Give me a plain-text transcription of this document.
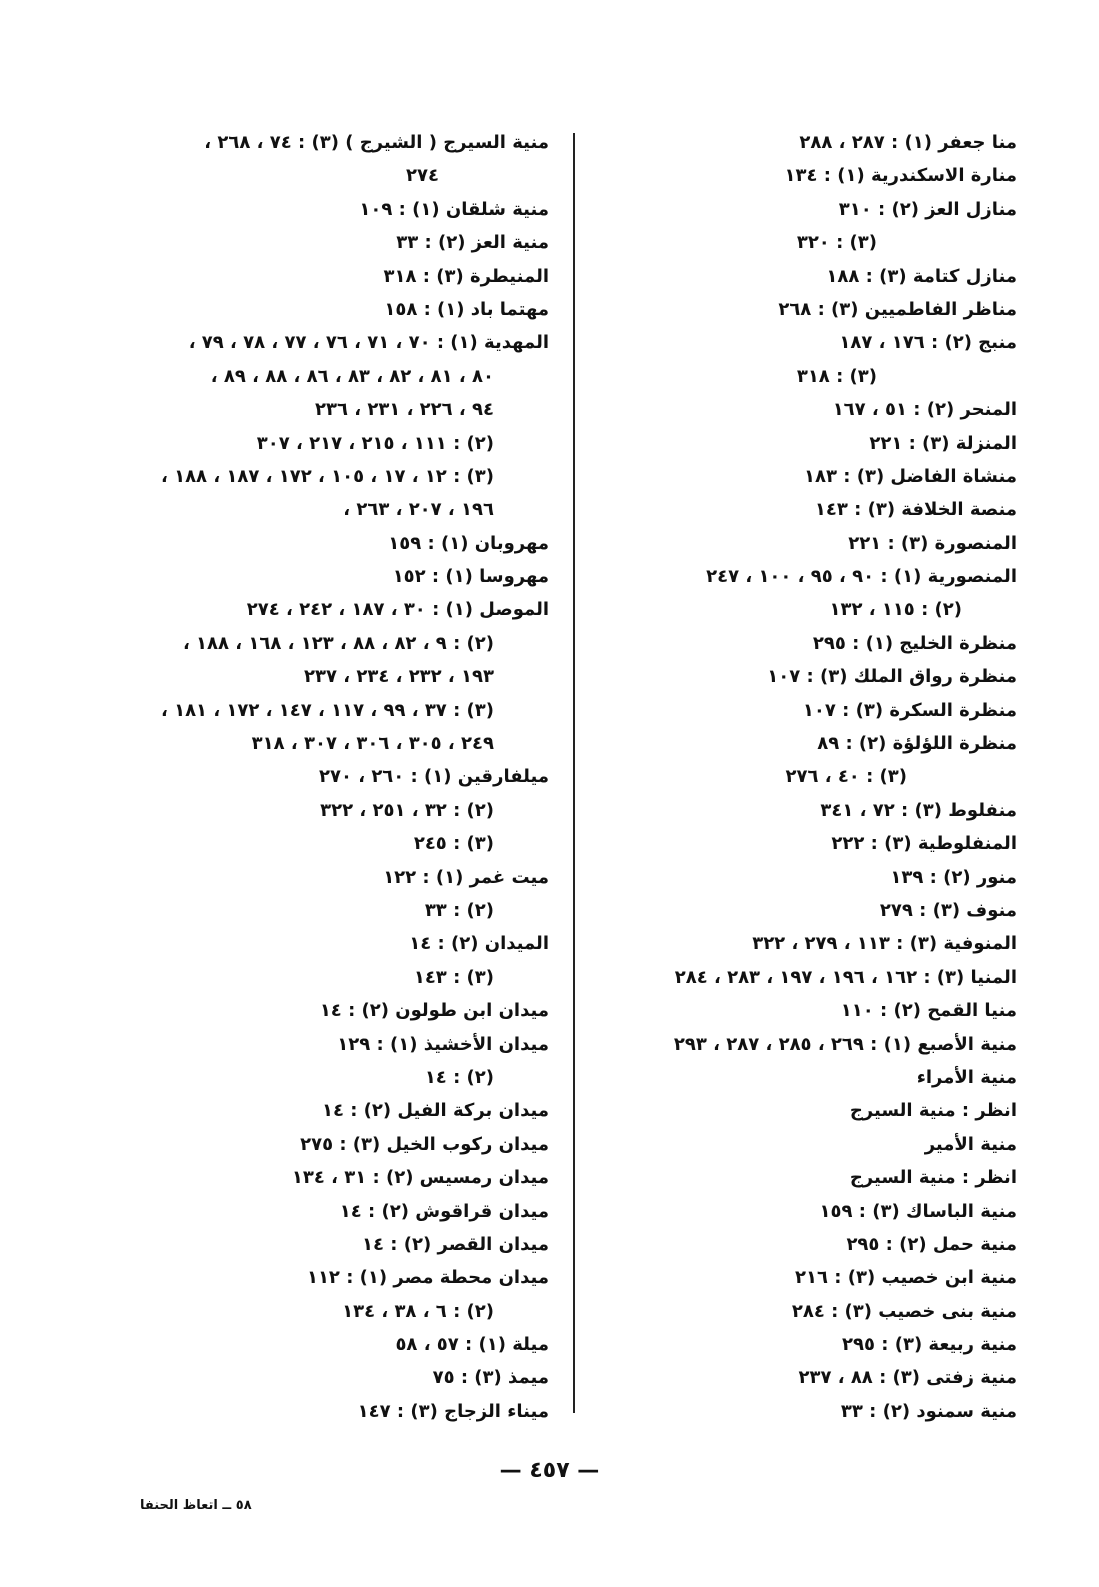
منا جعفر (١) : ٢٨٧ ، ٢٨٨
منارة الاسكندرية (١) : ١٣٤
منازل العز (٢) : ٣١٠
(٣) : ٣٢٠
منازل كتامة (٣) : ١٨٨
مناظر الفاطميين (٣) : ٢٦٨
منبج (٢) : ١٧٦ ، ١٨٧
(٣) : ٣١٨
المنحر (٢) : ٥١ ، ١٦٧
المنزلة (٣) : ٢٢١
منشاة الفاضل (٣) : ١٨٣
منصة الخلافة (٣) : ١٤٣
المنصورة (٣) : ٢٢١
المنصورية (١) : ٩٠ ، ٩٥ ، ١٠٠ ، ٢٤٧
(٢) : ١١٥ ، ١٣٢
منظرة الخليج (١) : ٢٩٥
منظرة رواق الملك (٣) : ١٠٧
منظرة السكرة (٣) : ١٠٧
منظرة اللؤلؤة (٢) : ٨٩
(٣) : ٤٠ ، ٢٧٦
منفلوط (٣) : ٧٢ ، ٣٤١
المنفلوطية (٣) : ٢٢٢
منور (٢) : ١٣٩
منوف (٣) : ٢٧٩
المنوفية (٣) : ١١٣ ، ٢٧٩ ، ٣٢٢
المنيا (٣) : ١٦٢ ، ١٩٦ ، ١٩٧ ، ٢٨٣ ، ٢٨٤
منيا القمح (٢) : ١١٠
منية الأصبع (١) : ٢٦٩ ، ٢٨٥ ، ٢٨٧ ، ٢٩٣
منية الأمراء
انظر : منية السيرج
منية الأمير
انظر : منية السيرج
منية الباساك (٣) : ١٥٩
منية حمل (٢) : ٢٩٥
منية ابن خصيب (٣) : ٢١٦
منية بنى خصيب (٣) : ٢٨٤
منية ربيعة (٣) : ٢٩٥
منية زفتى (٣) : ٨٨ ، ٢٣٧
منية سمنود (٢) : ٣٣
منية السيرج ( الشيرج ) (٣) : ٧٤ ، ٢٦٨ ،
٢٧٤
منية شلقان (١) : ١٠٩
منية العز (٢) : ٣٣
المنيطرة (٣) : ٣١٨
مهتما باد (١) : ١٥٨
المهدية (١) : ٧٠ ، ٧١ ، ٧٦ ، ٧٧ ، ٧٨ ، ٧٩ ،
٨٠ ، ٨١ ، ٨٢ ، ٨٣ ، ٨٦ ، ٨٨ ، ٨٩ ،
٩٤ ، ٢٢٦ ، ٢٣١ ، ٢٣٦
(٢) : ١١١ ، ٢١٥ ، ٢١٧ ، ٣٠٧
(٣) : ١٢ ، ١٧ ، ١٠٥ ، ١٧٢ ، ١٨٧ ، ١٨٨ ،
١٩٦ ، ٢٠٧ ، ٢٦٣ ،
مهروبان (١) : ١٥٩
مهروسا (١) : ١٥٢
الموصل (١) : ٣٠ ، ١٨٧ ، ٢٤٢ ، ٢٧٤
(٢) : ٩ ، ٨٢ ، ٨٨ ، ١٢٣ ، ١٦٨ ، ١٨٨ ،
١٩٣ ، ٢٣٢ ، ٢٣٤ ، ٢٣٧
(٣) : ٣٧ ، ٩٩ ، ١١٧ ، ١٤٧ ، ١٧٢ ، ١٨١ ،
٢٤٩ ، ٣٠٥ ، ٣٠٦ ، ٣٠٧ ، ٣١٨
ميلفارقين (١) : ٢٦٠ ، ٢٧٠
(٢) : ٣٢ ، ٢٥١ ، ٣٢٢
(٣) : ٢٤٥
ميت غمر (١) : ١٢٢
(٢) : ٣٣
الميدان (٢) : ١٤
(٣) : ١٤٣
ميدان ابن طولون (٢) : ١٤
ميدان الأخشيذ (١) : ١٢٩
(٢) : ١٤
ميدان بركة الفيل (٢) : ١٤
ميدان ركوب الخيل (٣) : ٢٧٥
ميدان رمسيس (٢) : ٣١ ، ١٣٤
ميدان قراقوش (٢) : ١٤
ميدان القصر (٢) : ١٤
ميدان محطة مصر (١) : ١١٢
(٢) : ٦ ، ٣٨ ، ١٣٤
ميلة (١) : ٥٧ ، ٥٨
ميمذ (٣) : ٧٥
ميناء الزجاج (٣) : ١٤٧
— ٤٥٧ —
٥٨ ــ اتعاظ الحنفا
